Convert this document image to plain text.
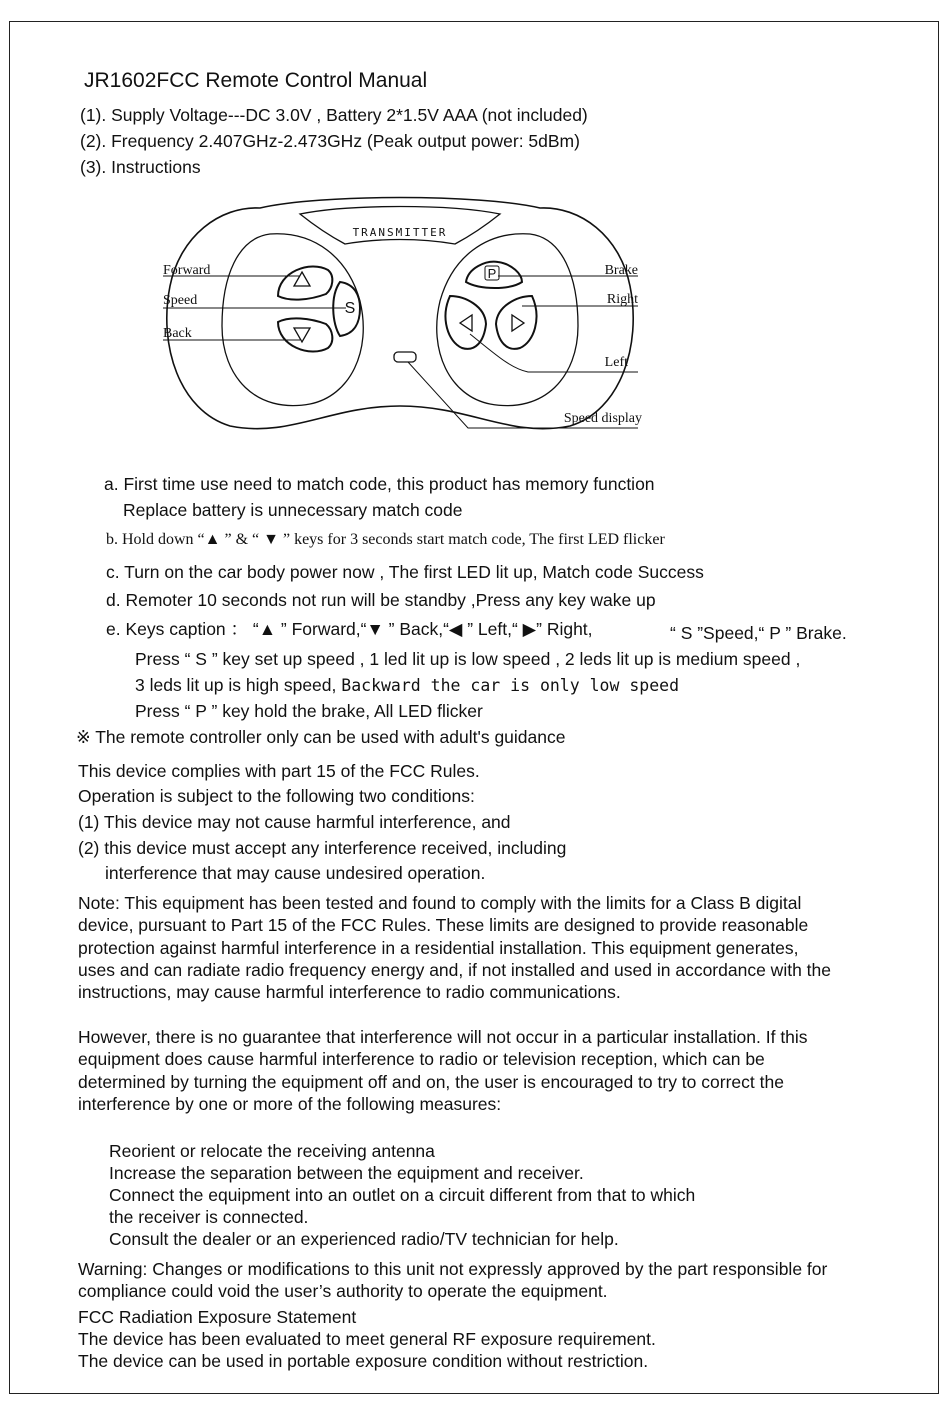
JR1602FCC Remote Control Manual
(1). Supply Voltage---DC 3.0V , Battery 2*1.5V AAA (not included)
(2). Frequency 2.407GHz-2.473GHz (Peak output power: 5dBm)
(3). Instructions
TRANSMITTER
S
P
Forward
Speed
Back
Brake
Right
Left
Speed display
a. First time use need to match code, this product has memory function
Replace battery is unnecessary match code
b. Hold down “▲ ” & “ ▼ ” keys for 3 seconds start match code, The first LED flicker
c. Turn on the car body power now , The first LED lit up, Match code Success
d. Remoter 10 seconds not run will be standby ,Press any key wake up
e. Keys caption ： “▲ ” Forward,“▼ ” Back,“◀ ” Left,“ ▶” Right,	“ S ”Speed,“ P ” Brake.
Press “ S ” key set up speed , 1 led lit up is low speed , 2 leds lit up is medium speed ,
3 leds lit up is high speed, Backward the car is only low speed
Press “ P ” key hold the brake, All LED flicker
※ The remote controller only can be used with adult's guidance
This device complies with part 15 of the FCC Rules.
Operation is subject to the following two conditions:
(1) This device may not cause harmful interference, and
(2) this device must accept any interference received, including
interference that may cause undesired operation.
Note: This equipment has been tested and found to comply with the limits for a Class B digital device, pursuant to Part 15 of the FCC Rules. These limits are designed to provide reasonable protection against harmful interference in a residential installation. This equipment generates, uses and can radiate radio frequency energy and, if not installed and used in accordance with the instructions, may cause harmful interference to radio communications.
However, there is no guarantee that interference will not occur in a particular installation. If this equipment does cause harmful interference to radio or television reception, which can be determined by turning the equipment off and on, the user is encouraged to try to correct the interference by one or more of the following measures:
Reorient or relocate the receiving antenna
Increase the separation between the equipment and receiver.
Connect the equipment into an outlet on a circuit different from that to which
the receiver is connected.
Consult the dealer or an experienced radio/TV technician for help.
Warning: Changes or modifications to this unit not expressly approved by the part responsible for compliance could void the user’s authority to operate the equipment.
FCC Radiation Exposure Statement
The device has been evaluated to meet general RF exposure requirement.
The device can be used in portable exposure condition without restriction.
